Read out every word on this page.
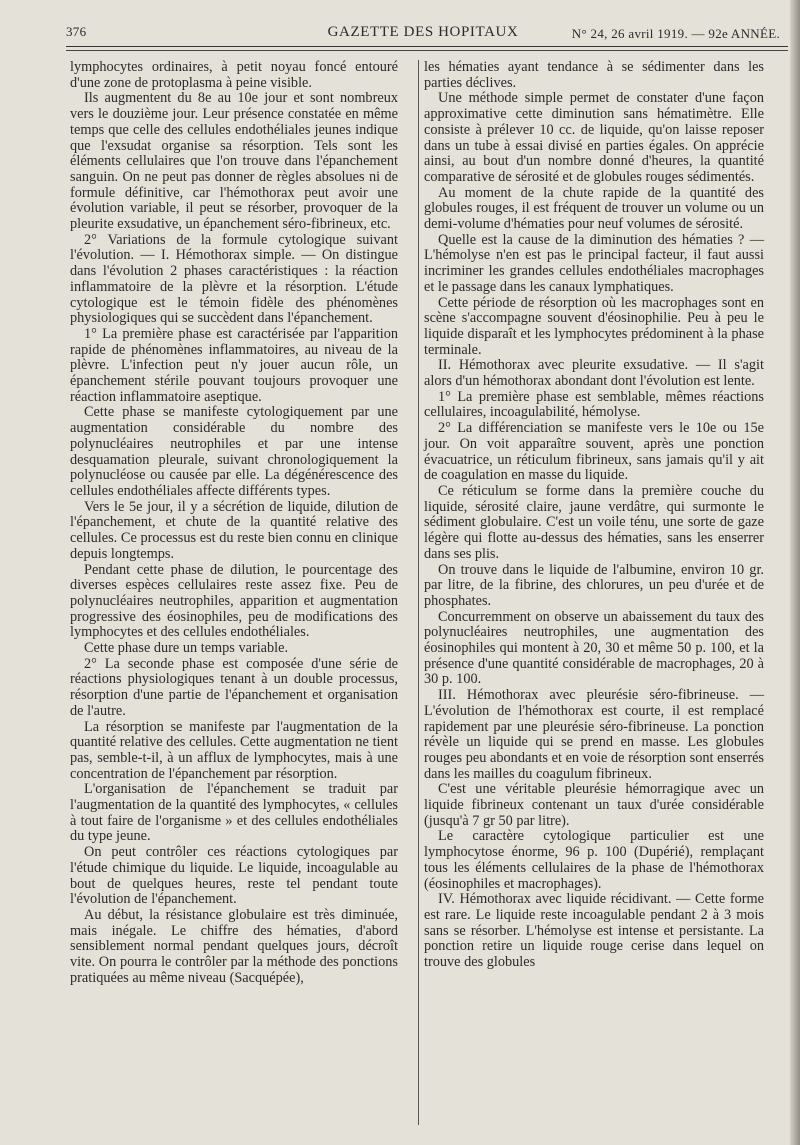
376	GAZETTE DES HOPITAUX	N° 24, 26 avril 1919. — 92e ANNÉE.

lymphocytes ordinaires, à petit noyau foncé entouré d'une zone de protoplasma à peine visible.

Ils augmentent du 8e au 10e jour et sont nombreux vers le douzième jour. Leur présence constatée en même temps que celle des cellules endothéliales jeunes indique que l'exsudat organise sa résorption. Tels sont les éléments cellulaires que l'on trouve dans l'épanchement sanguin. On ne peut pas donner de règles absolues ni de formule définitive, car l'hémothorax peut avoir une évolution variable, il peut se résorber, provoquer de la pleurite exsudative, un épanchement séro-fibrineux, etc.

2° Variations de la formule cytologique suivant l'évolution. — I. Hémothorax simple. — On distingue dans l'évolution 2 phases caractéristiques : la réaction inflammatoire de la plèvre et la résorption. L'étude cytologique est le témoin fidèle des phénomènes physiologiques qui se succèdent dans l'épanchement.

1° La première phase est caractérisée par l'apparition rapide de phénomènes inflammatoires, au niveau de la plèvre. L'infection peut n'y jouer aucun rôle, un épanchement stérile pouvant toujours provoquer une réaction inflammatoire aseptique.

Cette phase se manifeste cytologiquement par une augmentation considérable du nombre des polynucléaires neutrophiles et par une intense desquamation pleurale, suivant chronologiquement la polynucléose ou causée par elle. La dégénérescence des cellules endothéliales affecte différents types.

Vers le 5e jour, il y a sécrétion de liquide, dilution de l'épanchement, et chute de la quantité relative des cellules. Ce processus est du reste bien connu en clinique depuis longtemps.

Pendant cette phase de dilution, le pourcentage des diverses espèces cellulaires reste assez fixe. Peu de polynucléaires neutrophiles, apparition et augmentation progressive des éosinophiles, peu de modifications des lymphocytes et des cellules endothéliales.

Cette phase dure un temps variable.

2° La seconde phase est composée d'une série de réactions physiologiques tenant à un double processus, résorption d'une partie de l'épanchement et organisation de l'autre.

La résorption se manifeste par l'augmentation de la quantité relative des cellules. Cette augmentation ne tient pas, semble-t-il, à un afflux de lymphocytes, mais à une concentration de l'épanchement par résorption.

L'organisation de l'épanchement se traduit par l'augmentation de la quantité des lymphocytes, « cellules à tout faire de l'organisme » et des cellules endothéliales du type jeune.

On peut contrôler ces réactions cytologiques par l'étude chimique du liquide. Le liquide, incoagulable au bout de quelques heures, reste tel pendant toute l'évolution de l'épanchement.

Au début, la résistance globulaire est très diminuée, mais inégale. Le chiffre des hématies, d'abord sensiblement normal pendant quelques jours, décroît vite. On pourra le contrôler par la méthode des ponctions pratiquées au même niveau (Sacquépée),

les hématies ayant tendance à se sédimenter dans les parties déclives.

Une méthode simple permet de constater d'une façon approximative cette diminution sans hématimètre. Elle consiste à prélever 10 cc. de liquide, qu'on laisse reposer dans un tube à essai divisé en parties égales. On apprécie ainsi, au bout d'un nombre donné d'heures, la quantité comparative de sérosité et de globules rouges sédimentés.

Au moment de la chute rapide de la quantité des globules rouges, il est fréquent de trouver un volume ou un demi-volume d'hématies pour neuf volumes de sérosité.

Quelle est la cause de la diminution des hématies ? — L'hémolyse n'en est pas le principal facteur, il faut aussi incriminer les grandes cellules endothéliales macrophages et le passage dans les canaux lymphatiques.

Cette période de résorption où les macrophages sont en scène s'accompagne souvent d'éosinophilie. Peu à peu le liquide disparaît et les lymphocytes prédominent à la phase terminale.

II. Hémothorax avec pleurite exsudative. — Il s'agit alors d'un hémothorax abondant dont l'évolution est lente.

1° La première phase est semblable, mêmes réactions cellulaires, incoagulabilité, hémolyse.

2° La différenciation se manifeste vers le 10e ou 15e jour. On voit apparaître souvent, après une ponction évacuatrice, un réticulum fibrineux, sans jamais qu'il y ait de coagulation en masse du liquide.

Ce réticulum se forme dans la première couche du liquide, sérosité claire, jaune verdâtre, qui surmonte le sédiment globulaire. C'est un voile ténu, une sorte de gaze légère qui flotte au-dessus des hématies, sans les enserrer dans ses plis.

On trouve dans le liquide de l'albumine, environ 10 gr. par litre, de la fibrine, des chlorures, un peu d'urée et de phosphates.

Concurremment on observe un abaissement du taux des polynucléaires neutrophiles, une augmentation des éosinophiles qui montent à 20, 30 et même 50 p. 100, et la présence d'une quantité considérable de macrophages, 20 à 30 p. 100.

III. Hémothorax avec pleurésie séro-fibrineuse. — L'évolution de l'hémothorax est courte, il est remplacé rapidement par une pleurésie séro-fibrineuse. La ponction révèle un liquide qui se prend en masse. Les globules rouges peu abondants et en voie de résorption sont enserrés dans les mailles du coagulum fibrineux.

C'est une véritable pleurésie hémorragique avec un liquide fibrineux contenant un taux d'urée considérable (jusqu'à 7 gr 50 par litre).

Le caractère cytologique particulier est une lymphocytose énorme, 96 p. 100 (Dupérié), remplaçant tous les éléments cellulaires de la phase de l'hémothorax (éosinophiles et macrophages).

IV. Hémothorax avec liquide récidivant. — Cette forme est rare. Le liquide reste incoagulable pendant 2 à 3 mois sans se résorber. L'hémolyse est intense et persistante. La ponction retire un liquide rouge cerise dans lequel on trouve des globules
